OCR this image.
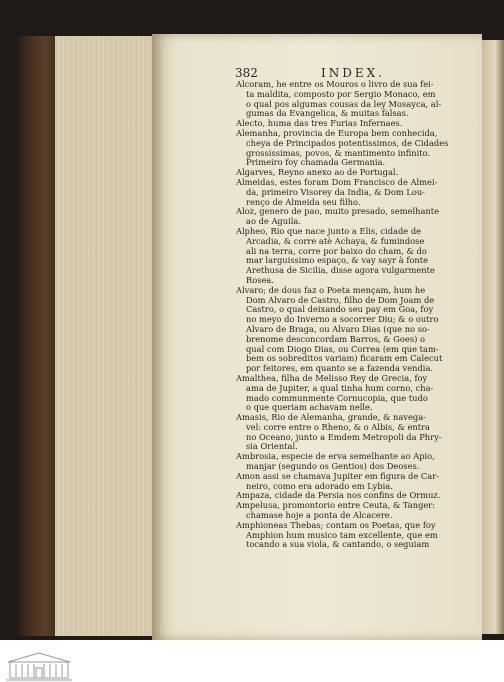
382	INDEX.
Alcoram, he entre os Mouros o livro de sua fei-

ta maldita, composto por Sergio Monaco, em
o qual pos algumas cousas da ley Mosayca, al-
gumas da Evangelica, & muitas falsas.
Alecto, huma das tres Furias Infernaes.

Alemanha, provincia de Europa bem conhecida,

cheya de Principados potentissimos, de Cidades
grossissimas, povos, & mantimento infinito.
Primeiro foy chamada Germania.
Algarves, Reyno anexo ao de Portugal.

Almeidas, estes foram Dom Francisco de Almei-

da, primeiro Visorey da India, & Dom Lou-
renço de Almeida seu filho.
Aloz, genero de pao, muito presado, semelhante

ao de Aguila.
Alpheo, Rio que nace junto a Elis, cidade de

Arcadia, & corre atè Achaya, & fumindose
ali na terra, corre por baixo do cham, & do
mar larguissimo espaço, & vay sayr à fonte
Arethusa de Sicilia, disse agora vulgarmente
Rosea.
Alvaro; de dous faz o Poeta mençam, hum he

Dom Alvaro de Castro, filho de Dom Joam de
Castro, o qual deixando seu pay em Goa, foy
no meyo do Inverno a socorrer Diu; & o outro
Alvaro de Braga, ou Alvaro Dias (que no so-
brenome desconcordam Barros, & Goes) o
qual com Diogo Dias, ou Correa (em que tam-
bem os sobreditos variam) ficaram em Calecut
por feitores, em quanto se a fazenda vendia.
Amalthea, filha de Melisso Rey de Grecia, foy

ama de Jupiter, a qual tinha hum corno, cha-
mado communmente Cornucopia, que tudo
o que queriam achavam nelle.
Amasis, Rio de Alemanha, grande, & navega-

vel: corre entre o Rheno, & o Albis, & entra
no Oceano, junto a Emdem Metropoli da Phry-
sia Oriental.
Ambrosia, especie de erva semelhante ao Apio,

manjar (segundo os Gentios) dos Deoses.
Amon assi se chamava Jupiter em figura de Car-

neiro, como era adorado em Lybia.
Ampaza, cidade da Persia nos confins de Ormuz.

Ampelusa, promontorio entre Ceuta, & Tanger:

chamase hoje a ponta de Alcacere.
Amphioneas Thebas; contam os Poetas, que foy

Amphion hum musico tam excellente, que em
tocando a sua viola, & cantando, o seguiam
